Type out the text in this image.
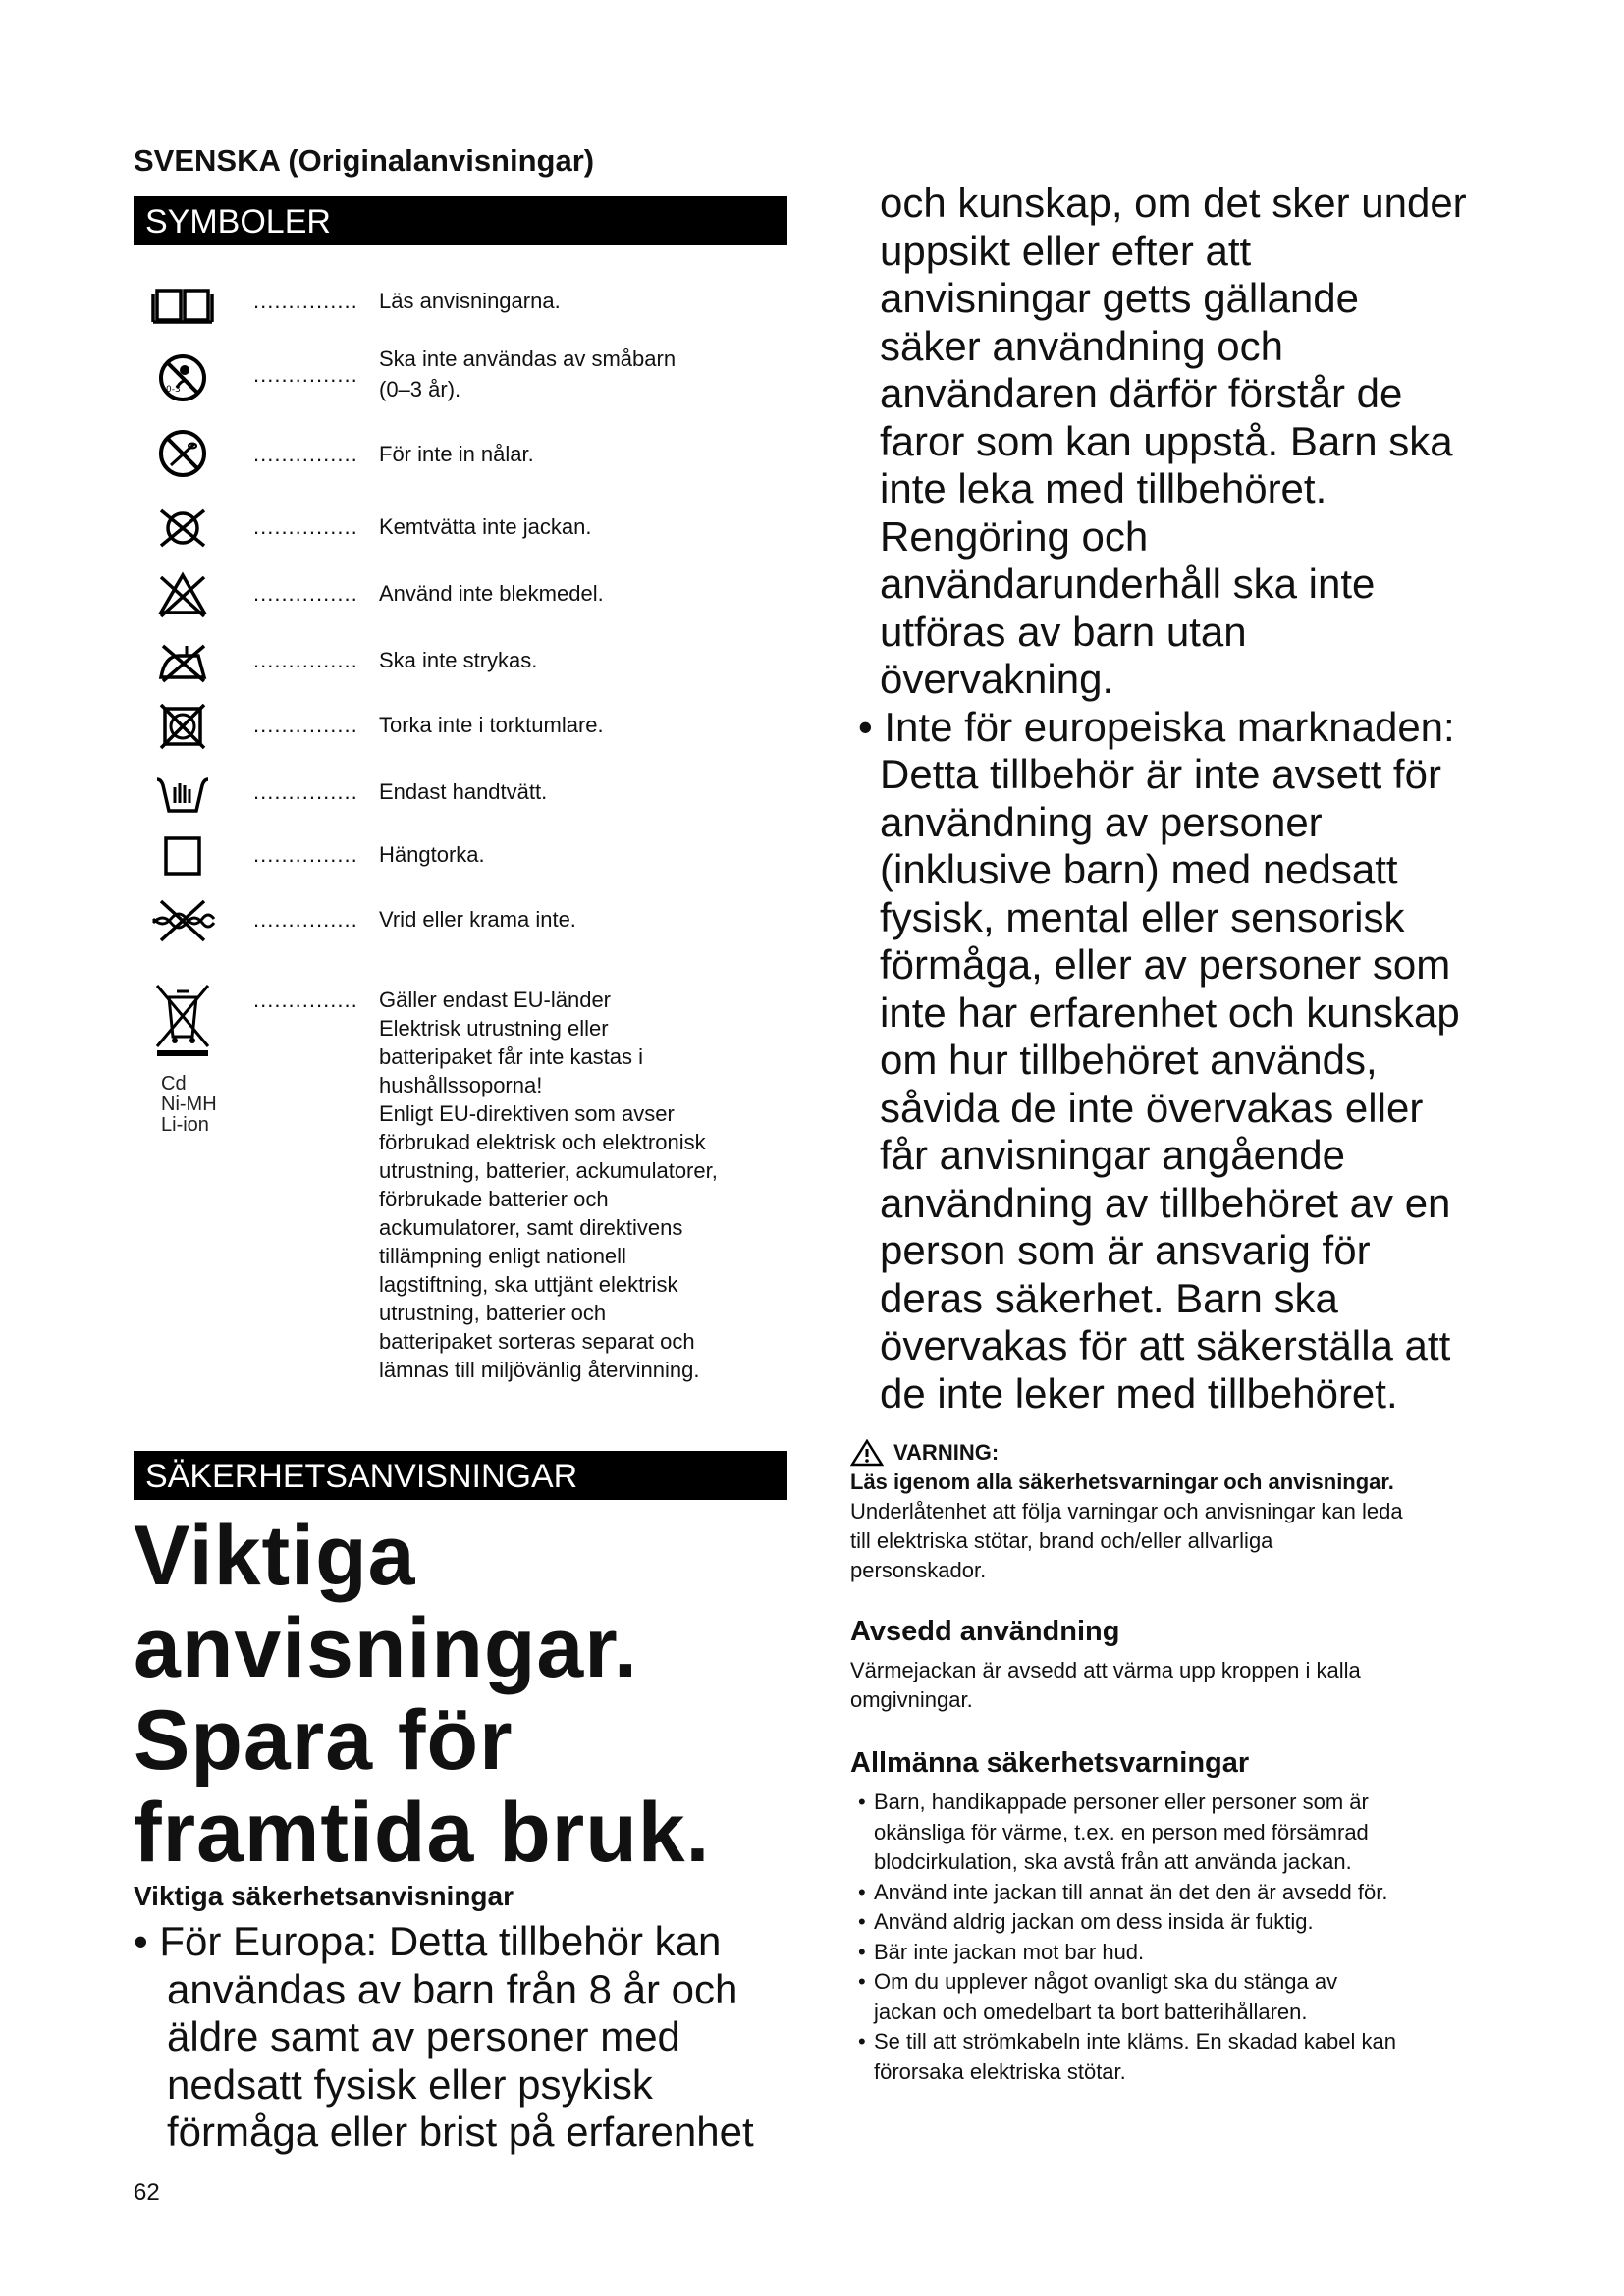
SVENSKA (Originalanvisningar)
SYMBOLER
............... Läs anvisningarna.
0-3
...............
Ska inte användas av småbarn
(0–3 år).
............... För inte in nålar.
............... Kemtvätta inte jackan.
............... Använd inte blekmedel.
............... Ska inte strykas.
............... Torka inte i torktumlare.
............... Endast handtvätt.
............... Hängtorka.
............... Vrid eller krama inte.
Cd
Ni-MH
Li-ion
............... Gäller endast EU-länder
Elektrisk utrustning eller
batteripaket får inte kastas i
hushållssoporna!
Enligt EU-direktiven som avser
förbrukad elektrisk och elektronisk
utrustning, batterier, ackumulatorer,
förbrukade batterier och
ackumulatorer, samt direktivens
tillämpning enligt nationell
lagstiftning, ska uttjänt elektrisk
utrustning, batterier och
batteripaket sorteras separat och
lämnas till miljövänlig återvinning.
SÄKERHETSANVISNINGAR
Viktiga
anvisningar.
Spara för
framtida bruk.
Viktiga säkerhetsanvisningar
• För Europa: Detta tillbehör kan
användas av barn från 8 år och
äldre samt av personer med
nedsatt fysisk eller psykisk
förmåga eller brist på erfarenhet
62
och kunskap, om det sker under
uppsikt eller efter att
anvisningar getts gällande
säker användning och
användaren därför förstår de
faror som kan uppstå. Barn ska
inte leka med tillbehöret.
Rengöring och
användarunderhåll ska inte
utföras av barn utan
övervakning.
• Inte för europeiska marknaden:
Detta tillbehör är inte avsett för
användning av personer
(inklusive barn) med nedsatt
fysisk, mental eller sensorisk
förmåga, eller av personer som
inte har erfarenhet och kunskap
om hur tillbehöret används,
såvida de inte övervakas eller
får anvisningar angående
användning av tillbehöret av en
person som är ansvarig för
deras säkerhet. Barn ska
övervakas för att säkerställa att
de inte leker med tillbehöret.
VARNING:
Läs igenom alla säkerhetsvarningar och anvisningar.
Underlåtenhet att följa varningar och anvisningar kan leda
till elektriska stötar, brand och/eller allvarliga
personskador.
Avsedd användning
Värmejackan är avsedd att värma upp kroppen i kalla
omgivningar.
Allmänna säkerhetsvarningar
• Barn, handikappade personer eller personer som är
okänsliga för värme, t.ex. en person med försämrad
blodcirkulation, ska avstå från att använda jackan.
• Använd inte jackan till annat än det den är avsedd för.
• Använd aldrig jackan om dess insida är fuktig.
• Bär inte jackan mot bar hud.
• Om du upplever något ovanligt ska du stänga av
jackan och omedelbart ta bort batterihållaren.
• Se till att strömkabeln inte kläms. En skadad kabel kan
förorsaka elektriska stötar.
